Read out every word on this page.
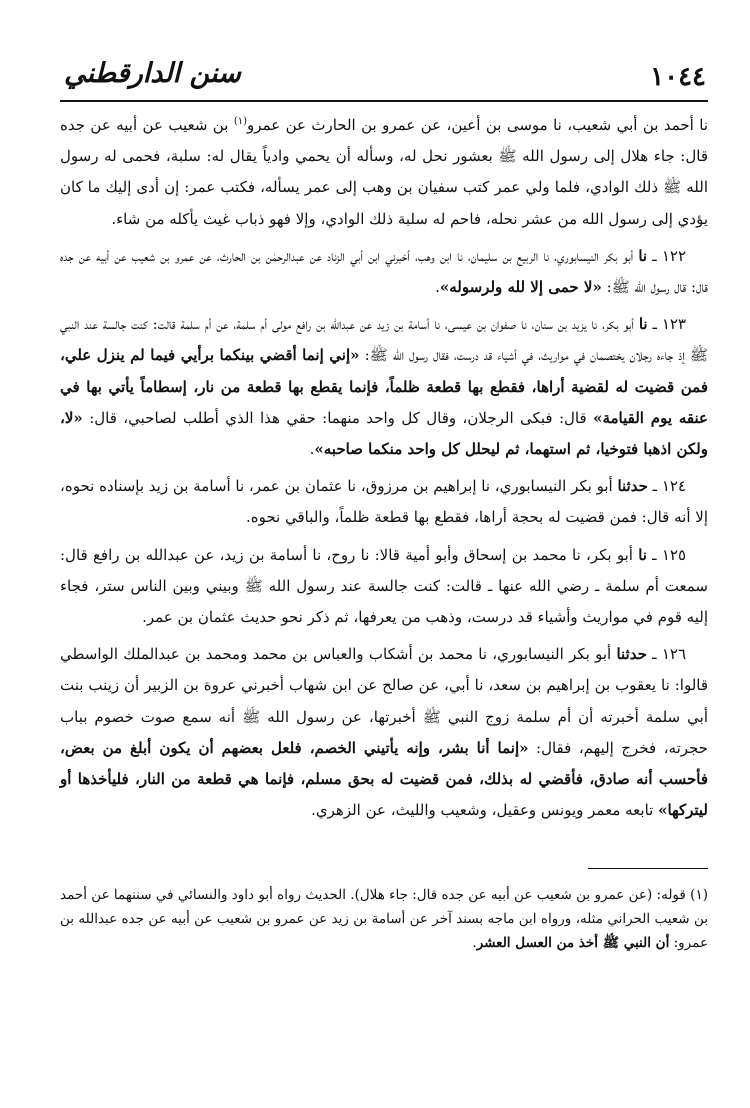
١٠٤٤
سنن الدارقطني

نا أحمد بن أبي شعيب، نا موسى بن أعين، عن عمرو بن الحارث عن عمرو$^{(١)}$ بن شعيب عن أبيه عن جده قال: جاء هلال إلى رسول الله ﷺ بعشور نحل له، وسأله أن يحمي وادياً يقال له: سلبة، فحمى له رسول الله ﷺ ذلك الوادي، فلما ولي عمر كتب سفيان بن وهب إلى عمر يسأله، فكتب عمر: إن أدى إليك ما كان يؤدي إلى رسول الله من عشر نحله، فاحم له سلبة ذلك الوادي، وإلا فهو ذباب غيث يأكله من شاء.

١٢٢ ـ نا أبو بكر النيسابوري، نا الربيع بن سليمان، نا ابن وهب، أخبرني ابن أبي الزناد عن عبدالرحمٰن بن الحارث، عن عمرو بن شعيب عن أبيه عن جده قال: قال رسول الله ﷺ: «لا حمى إلا لله ولرسوله».

١٢٣ ـ نا أبو بكر، نا يزيد بن سنان، نا صفوان بن عيسى، نا أسامة بن زيد عن عبدالله بن رافع مولى أم سلمة، عن أم سلمة قالت: كنت جالسة عند النبي ﷺ إذ جاءه رجلان يختصمان في مواريث، في أشياء قد درست، فقال رسول الله ﷺ: «إني إنما أقضي بينكما برأيي فيما لم ينزل علي، فمن قضيت له لقضية أراها، فقطع بها قطعة ظلماً، فإنما يقطع بها قطعة من نار، إسطاماً يأتي بها في عنقه يوم القيامة» قال: فبكى الرجلان، وقال كل واحد منهما: حقي هذا الذي أطلب لصاحبي، قال: «لا، ولكن اذهبا فتوخيا، ثم استهما، ثم ليحلل كل واحد منكما صاحبه».

١٢٤ ـ حدثنا أبو بكر النيسابوري، نا إبراهيم بن مرزوق، نا عثمان بن عمر، نا أسامة بن زيد بإسناده نحوه، إلا أنه قال: فمن قضيت له بحجة أراها، فقطع بها قطعة ظلماً، والباقي نحوه.

١٢٥ ـ نا أبو بكر، نا محمد بن إسحاق وأبو أمية قالا: نا روح، نا أسامة بن زيد، عن عبدالله بن رافع قال: سمعت أم سلمة ـ رضي الله عنها ـ قالت: كنت جالسة عند رسول الله ﷺ وبيني وبين الناس ستر، فجاء إليه قوم في مواريث وأشياء قد درست، وذهب من يعرفها، ثم ذكر نحو حديث عثمان بن عمر.

١٢٦ ـ حدثنا أبو بكر النيسابوري، نا محمد بن أشكاب والعباس بن محمد ومحمد بن عبدالملك الواسطي قالوا: نا يعقوب بن إبراهيم بن سعد، نا أبي، عن صالح عن ابن شهاب أخبرني عروة بن الزبير أن زينب بنت أبي سلمة أخبرته أن أم سلمة زوج النبي ﷺ أخبرتها، عن رسول الله ﷺ أنه سمع صوت خصوم بباب حجرته، فخرج إليهم، فقال: «إنما أنا بشر، وإنه يأتيني الخصم، فلعل بعضهم أن يكون أبلغ من بعض، فأحسب أنه صادق، فأقضي له بذلك، فمن قضيت له بحق مسلم، فإنما هي قطعة من النار، فليأخذها أو ليتركها» تابعه معمر ويونس وعقيل، وشعيب والليث، عن الزهري.

(١) قوله: (عن عمرو بن شعيب عن أبيه عن جده قال: جاء هلال). الحديث رواه أبو داود والنسائي في سننهما عن أحمد بن شعيب الحراني مثله، ورواه ابن ماجه بسند آخر عن أسامة بن زيد عن عمرو بن شعيب عن أبيه عن جده عبدالله بن عمرو: أن النبي ﷺ أخذ من العسل العشر.
